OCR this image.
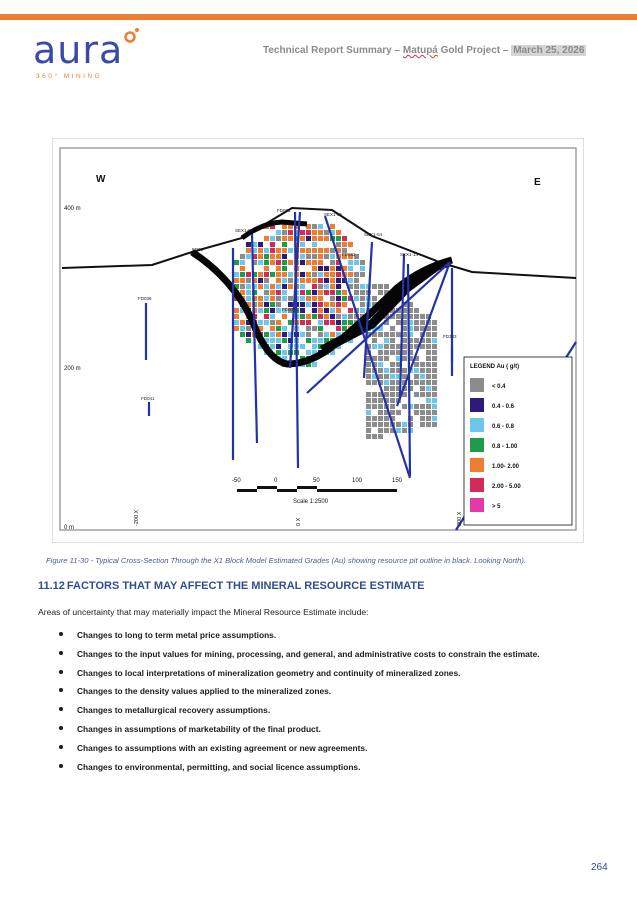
aura
360° MINING
Technical Report Summary – Matupá Gold Project – March 25, 2026
W	E
400 m
200 m
0 m
FD038
FD041
FD333
FD061
SEX1-55
SEX1-65
SEX1-04
SEX1-14
FD007
FD062
FD36
-200 X	0 X	200 X
-50	0	50	100	150
Scale 1:2500
LEGEND Au ( g/t)
< 0.4
0.4 - 0.6
0.6 - 0.8
0.8 - 1.00
1.00- 2.00
2.00 - 5.00
> 5
Figure 11-30 - Typical Cross-Section Through the X1 Block Model Estimated Grades (Au) showing resource pit outline in black. Looking North).
11.12 FACTORS THAT MAY AFFECT THE MINERAL RESOURCE ESTIMATE
Areas of uncertainty that may materially impact the Mineral Resource Estimate include:
Changes to long to term metal price assumptions.
Changes to the input values for mining, processing, and general, and administrative costs to constrain the estimate.
Changes to local interpretations of mineralization geometry and continuity of mineralized zones.
Changes to the density values applied to the mineralized zones.
Changes to metallurgical recovery assumptions.
Changes in assumptions of marketability of the final product.
Changes to assumptions with an existing agreement or new agreements.
Changes to environmental, permitting, and social licence assumptions.
264
